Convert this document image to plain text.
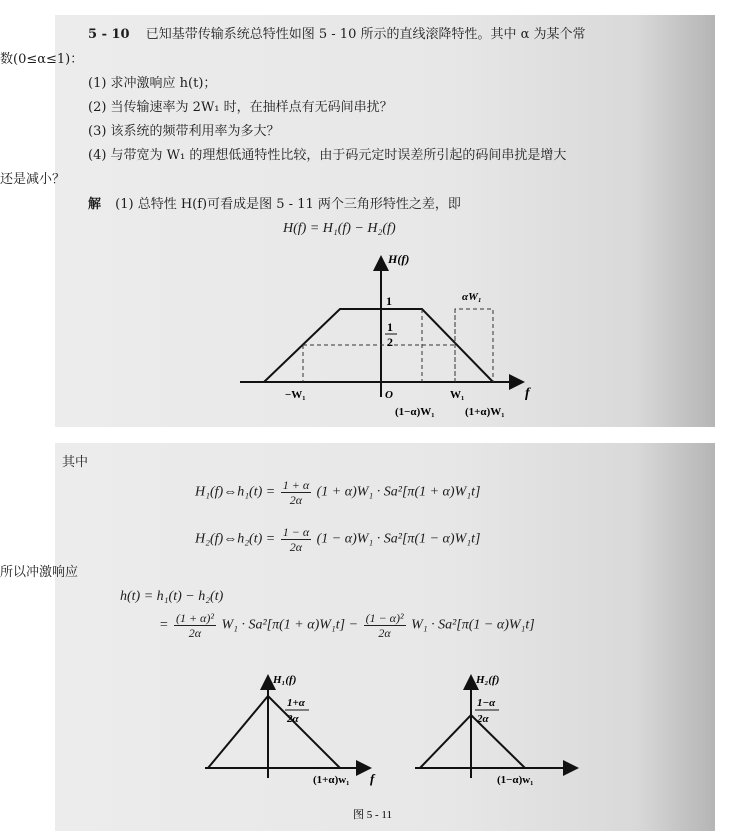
5 - 10 已知基带传输系统总特性如图 5 - 10 所示的直线滚降特性。其中 α 为某个常
数(0≤α≤1)：
(1) 求冲激响应 h(t)；
(2) 当传输速率为 2W₁ 时，在抽样点有无码间串扰？
(3) 该系统的频带利用率为多大？
(4) 与带宽为 W₁ 的理想低通特性比较，由于码元定时误差所引起的码间串扰是增大
还是减小？
解 (1) 总特性 H(f)可看成是图 5 - 11 两个三角形特性之差，即
H(f) = H₁(f) − H₂(f)
H(f)
f
1
1
2
αW₁
−W₁	O	W₁
(1−α)W₁	(1+α)W₁
其中
H₁(f)⇔h₁(t) = $\frac{1 + \alpha}{2\alpha} (1 + \alpha)W_1 \cdot Sa^2[\pi(1 + \alpha)W_1t]$
H₂(f)⇔h₂(t) = $\frac{1 - \alpha}{2\alpha} (1 - \alpha)W_1 \cdot Sa^2[\pi(1 - \alpha)W_1t]$
所以冲激响应
h(t) = h₁(t) − h₂(t)
= $\frac{\text{(1 + α)²}}{2\alpha} W_1 \cdot Sa^2[\pi(1 + \alpha)W_1t] - \frac{\text{(1 − α)²}}{2\alpha} W_1 \cdot Sa^2[\pi(1 - \alpha)W_1t]$
H₁(f)
1+α
2α
(1+α)w₁ f
H₂(f)
1−α
2α
(1−α)w₁
图 5 - 11
